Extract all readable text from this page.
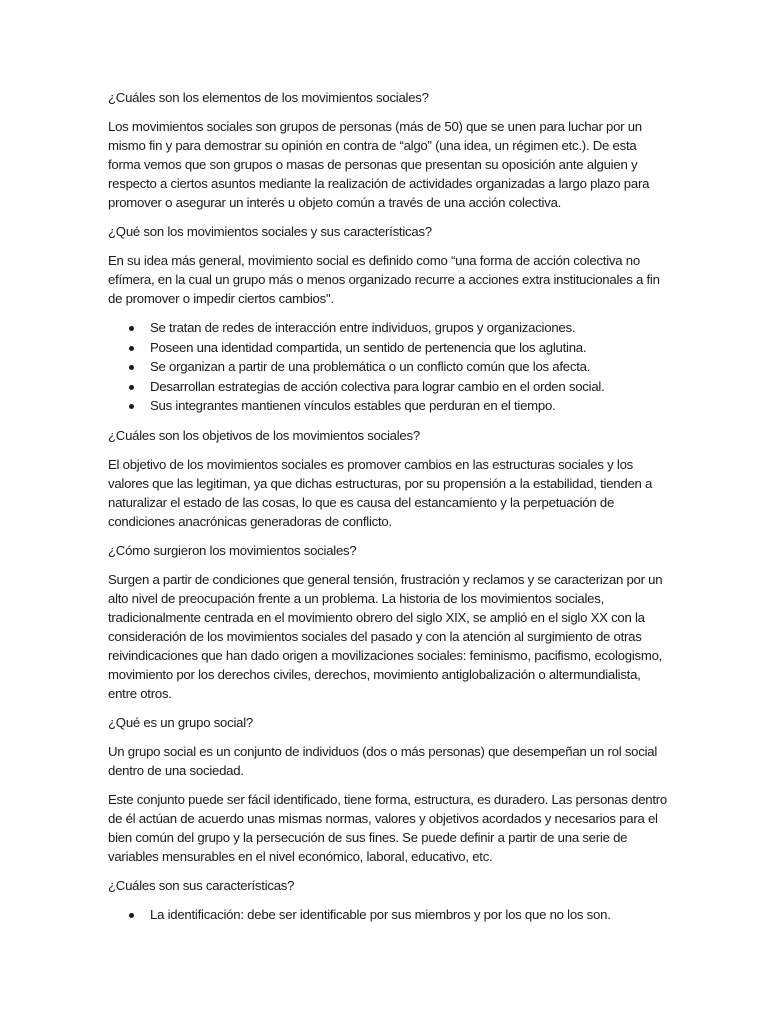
¿Cuáles son los elementos de los movimientos sociales?
Los movimientos sociales son grupos de personas (más de 50) que se unen para luchar por un mismo fin y para demostrar su opinión en contra de “algo” (una idea, un régimen etc.). De esta forma vemos que son grupos o masas de personas que presentan su oposición ante alguien y respecto a ciertos asuntos mediante la realización de actividades organizadas a largo plazo para promover o asegurar un interés u objeto común a través de una acción colectiva.
¿Qué son los movimientos sociales y sus características?
En su idea más general, movimiento social es definido como “una forma de acción colectiva no efímera, en la cual un grupo más o menos organizado recurre a acciones extra institucionales a fin de promover o impedir ciertos cambios".
Se tratan de redes de interacción entre individuos, grupos y organizaciones.
Poseen una identidad compartida, un sentido de pertenencia que los aglutina.
Se organizan a partir de una problemática o un conflicto común que los afecta.
Desarrollan estrategias de acción colectiva para lograr cambio en el orden social.
Sus integrantes mantienen vínculos estables que perduran en el tiempo.
¿Cuáles son los objetivos de los movimientos sociales?
El objetivo de los movimientos sociales es promover cambios en las estructuras sociales y los valores que las legitiman, ya que dichas estructuras, por su propensión a la estabilidad, tienden a naturalizar el estado de las cosas, lo que es causa del estancamiento y la perpetuación de condiciones anacrónicas generadoras de conflicto.
¿Cómo surgieron los movimientos sociales?
Surgen a partir de condiciones que general tensión, frustración y reclamos y se caracterizan por un alto nivel de preocupación frente a un problema. La historia de los movimientos sociales, tradicionalmente centrada en el movimiento obrero del siglo XIX, se amplió en el siglo XX con la consideración de los movimientos sociales del pasado y con la atención al surgimiento de otras reivindicaciones que han dado origen a movilizaciones sociales: feminismo, pacifismo, ecologismo, movimiento por los derechos civiles, derechos, movimiento antiglobalización o altermundialista, entre otros.
¿Qué es un grupo social?
Un grupo social es un conjunto de individuos (dos o más personas) que desempeñan un rol social dentro de una sociedad.
Este conjunto puede ser fácil identificado, tiene forma, estructura, es duradero. Las personas dentro de él actúan de acuerdo unas mismas normas, valores y objetivos acordados y necesarios para el bien común del grupo y la persecución de sus fines. Se puede definir a partir de una serie de variables mensurables en el nivel económico, laboral, educativo, etc.
¿Cuáles son sus características?
La identificación: debe ser identificable por sus miembros y por los que no los son.
